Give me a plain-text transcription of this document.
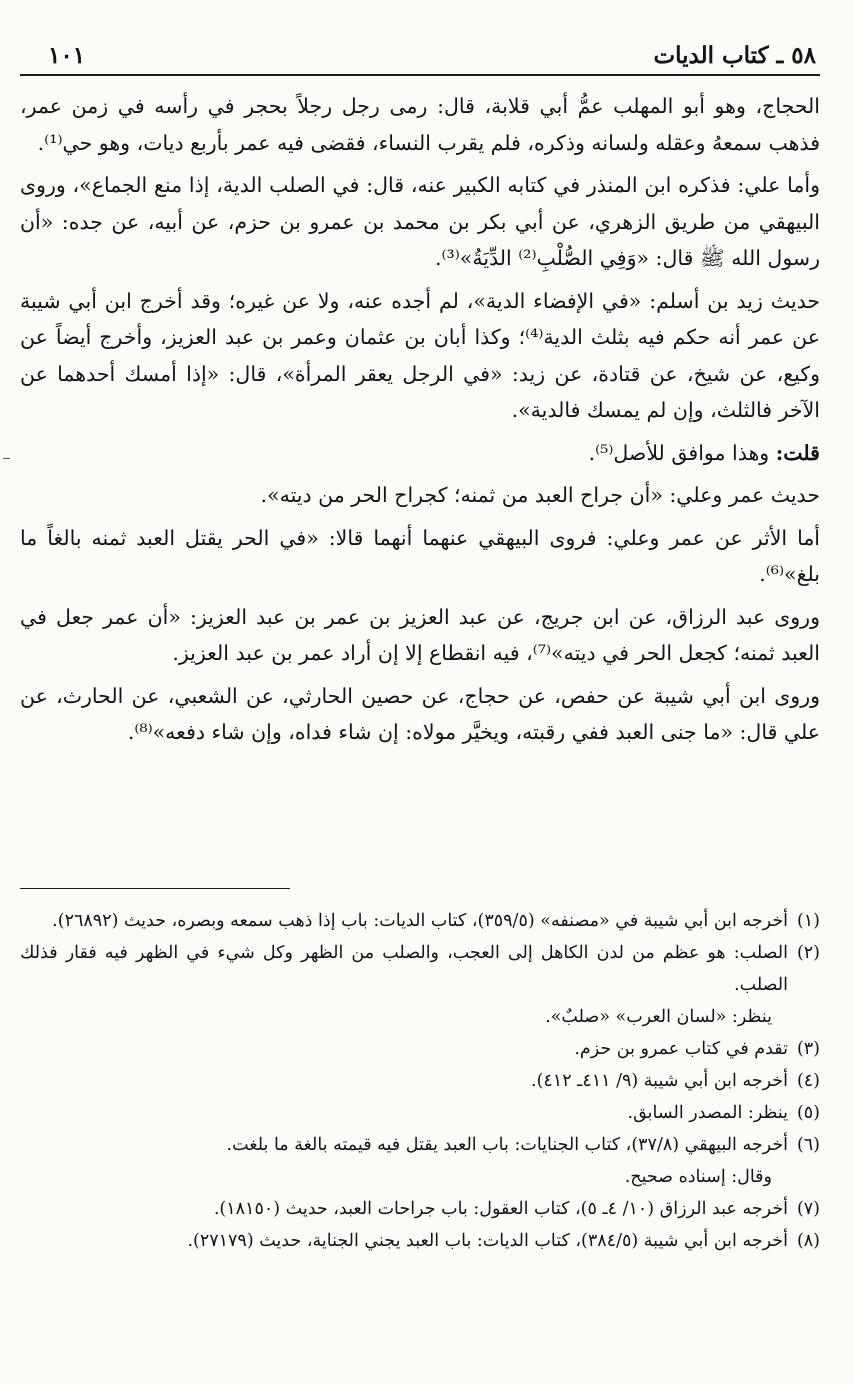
٥٨ ـ كتاب الديات
١٠١

الحجاج، وهو أبو المهلب عمُّ أبي قلابة، قال: رمى رجل رجلاً بحجر في رأسه في زمن عمر، فذهب سمعهُ وعقله ولسانه وذكره، فلم يقرب النساء، فقضى فيه عمر بأربع ديات، وهو حي⁽¹⁾.

وأما علي: فذكره ابن المنذر في كتابه الكبير عنه، قال: في الصلب الدية، إذا منع الجماع»، وروى البيهقي من طريق الزهري، عن أبي بكر بن محمد بن عمرو بن حزم، عن أبيه، عن جده: «أن رسول الله ﷺ قال: «وَفِي الصُّلْبِ⁽²⁾ الدِّيَةُ»⁽³⁾.

حديث زيد بن أسلم: «في الإفضاء الدية»، لم أجده عنه، ولا عن غيره؛ وقد أخرج ابن أبي شيبة عن عمر أنه حكم فيه بثلث الدية⁽⁴⁾؛ وكذا أبان بن عثمان وعمر بن عبد العزيز، وأخرج أيضاً عن وكيع، عن شيخ، عن قتادة، عن زيد: «في الرجل يعقر المرأة»، قال: «إذا أمسك أحدهما عن الآخر فالثلث، وإن لم يمسك فالدية».

قلت: وهذا موافق للأصل⁽⁵⁾.

حديث عمر وعلي: «أن جراح العبد من ثمنه؛ كجراح الحر من ديته».

أما الأثر عن عمر وعلي: فروى البيهقي عنهما أنهما قالا: «في الحر يقتل العبد ثمنه بالغاً ما بلغ»⁽⁶⁾.

وروى عبد الرزاق، عن ابن جريج، عن عبد العزيز بن عمر بن عبد العزيز: «أن عمر جعل في العبد ثمنه؛ كجعل الحر في ديته»⁽⁷⁾، فيه انقطاع إلا إن أراد عمر بن عبد العزيز.

وروى ابن أبي شيبة عن حفص، عن حجاج، عن حصين الحارثي، عن الشعبي، عن الحارث، عن علي قال: «ما جنى العبد ففي رقبته، ويخيَّر مولاه: إن شاء فداه، وإن شاء دفعه»⁽⁸⁾.

(١)
أخرجه ابن أبي شيبة في «مصنفه» (٣٥٩/٥)، كتاب الديات: باب إذا ذهب سمعه وبصره، حديث (٢٦٨٩٢).
(٢)
الصلب: هو عظم من لدن الكاهل إلى العجب، والصلب من الظهر وكل شيء في الظهر فيه فقار فذلك الصلب.
ينظر: «لسان العرب» «صلبٌ».
(٣)
تقدم في كتاب عمرو بن حزم.
(٤)
أخرجه ابن أبي شيبة (٩/ ٤١١ـ ٤١٢).
(٥)
ينظر: المصدر السابق.
(٦)
أخرجه البيهقي (٣٧/٨)، كتاب الجنايات: باب العبد يقتل فيه قيمته بالغة ما بلغت.
وقال: إسناده صحيح.
(٧)
أخرجه عبد الرزاق (١٠/ ٤ـ ٥)، كتاب العقول: باب جراحات العبد، حديث (١٨١٥٠).
(٨)
أخرجه ابن أبي شيبة (٣٨٤/٥)، كتاب الديات: باب العبد يجني الجناية، حديث (٢٧١٧٩).
